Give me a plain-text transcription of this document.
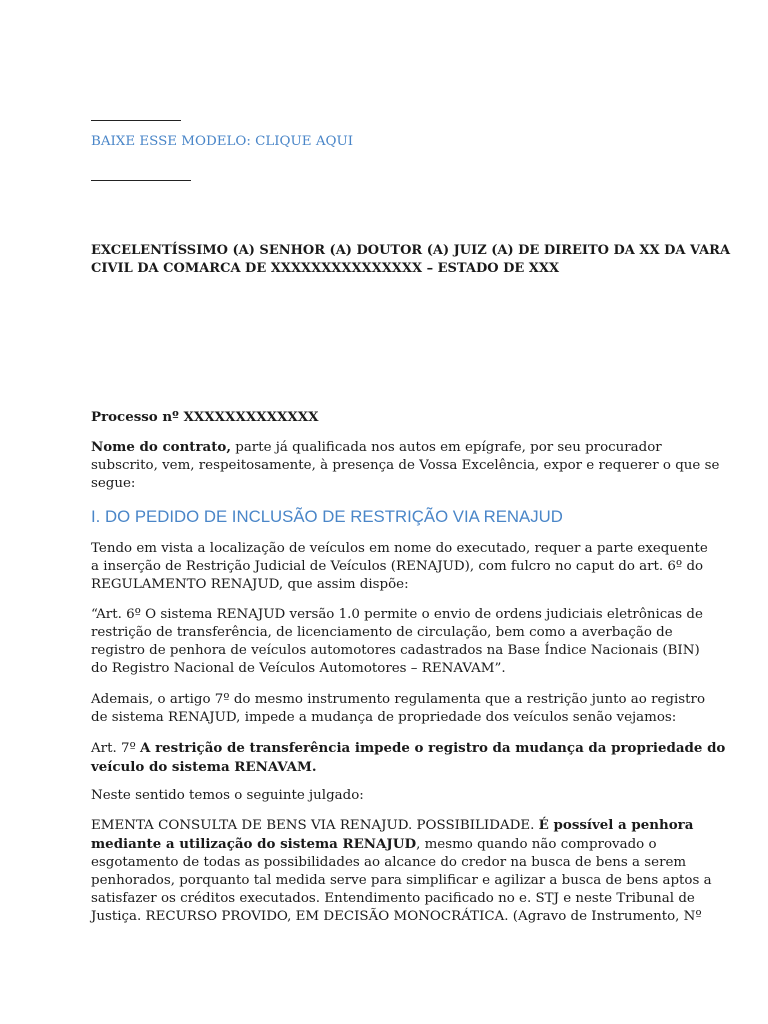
BAIXE ESSE MODELO: CLIQUE AQUI

EXCELENTÍSSIMO (A) SENHOR (A) DOUTOR (A) JUIZ (A) DE DIREITO DA XX DA VARA
CIVIL DA COMARCA DE XXXXXXXXXXXXXXX – ESTADO DE XXX

Processo nº XXXXXXXXXXXXX

Nome do contrato, parte já qualificada nos autos em epígrafe, por seu procurador
subscrito, vem, respeitosamente, à presença de Vossa Excelência, expor e requerer o que se
segue:

I. DO PEDIDO DE INCLUSÃO DE RESTRIÇÃO VIA RENAJUD

Tendo em vista a localização de veículos em nome do executado, requer a parte exequente
a inserção de Restrição Judicial de Veículos (RENAJUD), com fulcro no caput do art. 6º do
REGULAMENTO RENAJUD, que assim dispõe:

“Art. 6º O sistema RENAJUD versão 1.0 permite o envio de ordens judiciais eletrônicas de
restrição de transferência, de licenciamento de circulação, bem como a averbação de
registro de penhora de veículos automotores cadastrados na Base Índice Nacionais (BIN)
do Registro Nacional de Veículos Automotores – RENAVAM”.

Ademais, o artigo 7º do mesmo instrumento regulamenta que a restrição junto ao registro
de sistema RENAJUD, impede a mudança de propriedade dos veículos senão vejamos:

Art. 7º A restrição de transferência impede o registro da mudança da propriedade do
veículo do sistema RENAVAM.

Neste sentido temos o seguinte julgado:

EMENTA CONSULTA DE BENS VIA RENAJUD. POSSIBILIDADE. É possível a penhora
mediante a utilização do sistema RENAJUD, mesmo quando não comprovado o
esgotamento de todas as possibilidades ao alcance do credor na busca de bens a serem
penhorados, porquanto tal medida serve para simplificar e agilizar a busca de bens aptos a
satisfazer os créditos executados. Entendimento pacificado no e. STJ e neste Tribunal de
Justiça. RECURSO PROVIDO, EM DECISÃO MONOCRÁTICA. (Agravo de Instrumento, Nº
